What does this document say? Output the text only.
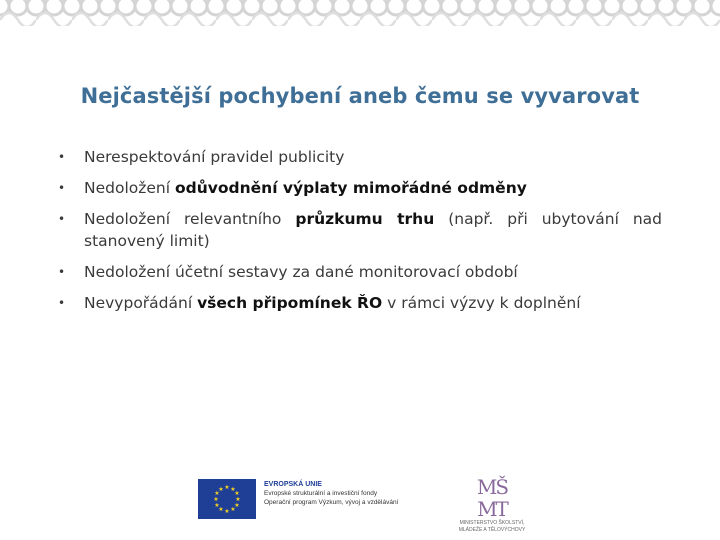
Nejčastější pochybení aneb čemu se vyvarovat
• Nerespektování pravidel publicity
• Nedoložení odůvodnění výplaty mimořádné odměny
• Nedoložení relevantního průzkumu trhu (např. při ubytování nad stanovený limit)
• Nedoložení účetní sestavy za dané monitorovací období
• Nevypořádání všech připomínek ŘO v rámci výzvy k doplnění
★ ★
★
★
★
★
★
★
★
★
★
★
EVROPSKÁ UNIE
Evropské strukturální a investiční fondy
Operační program Výzkum, vývoj a vzdělávání
MŠ
MT
MINISTERSTVO ŠKOLSTVÍ,
MLÁDEŽE A TĚLOVÝCHOVY
